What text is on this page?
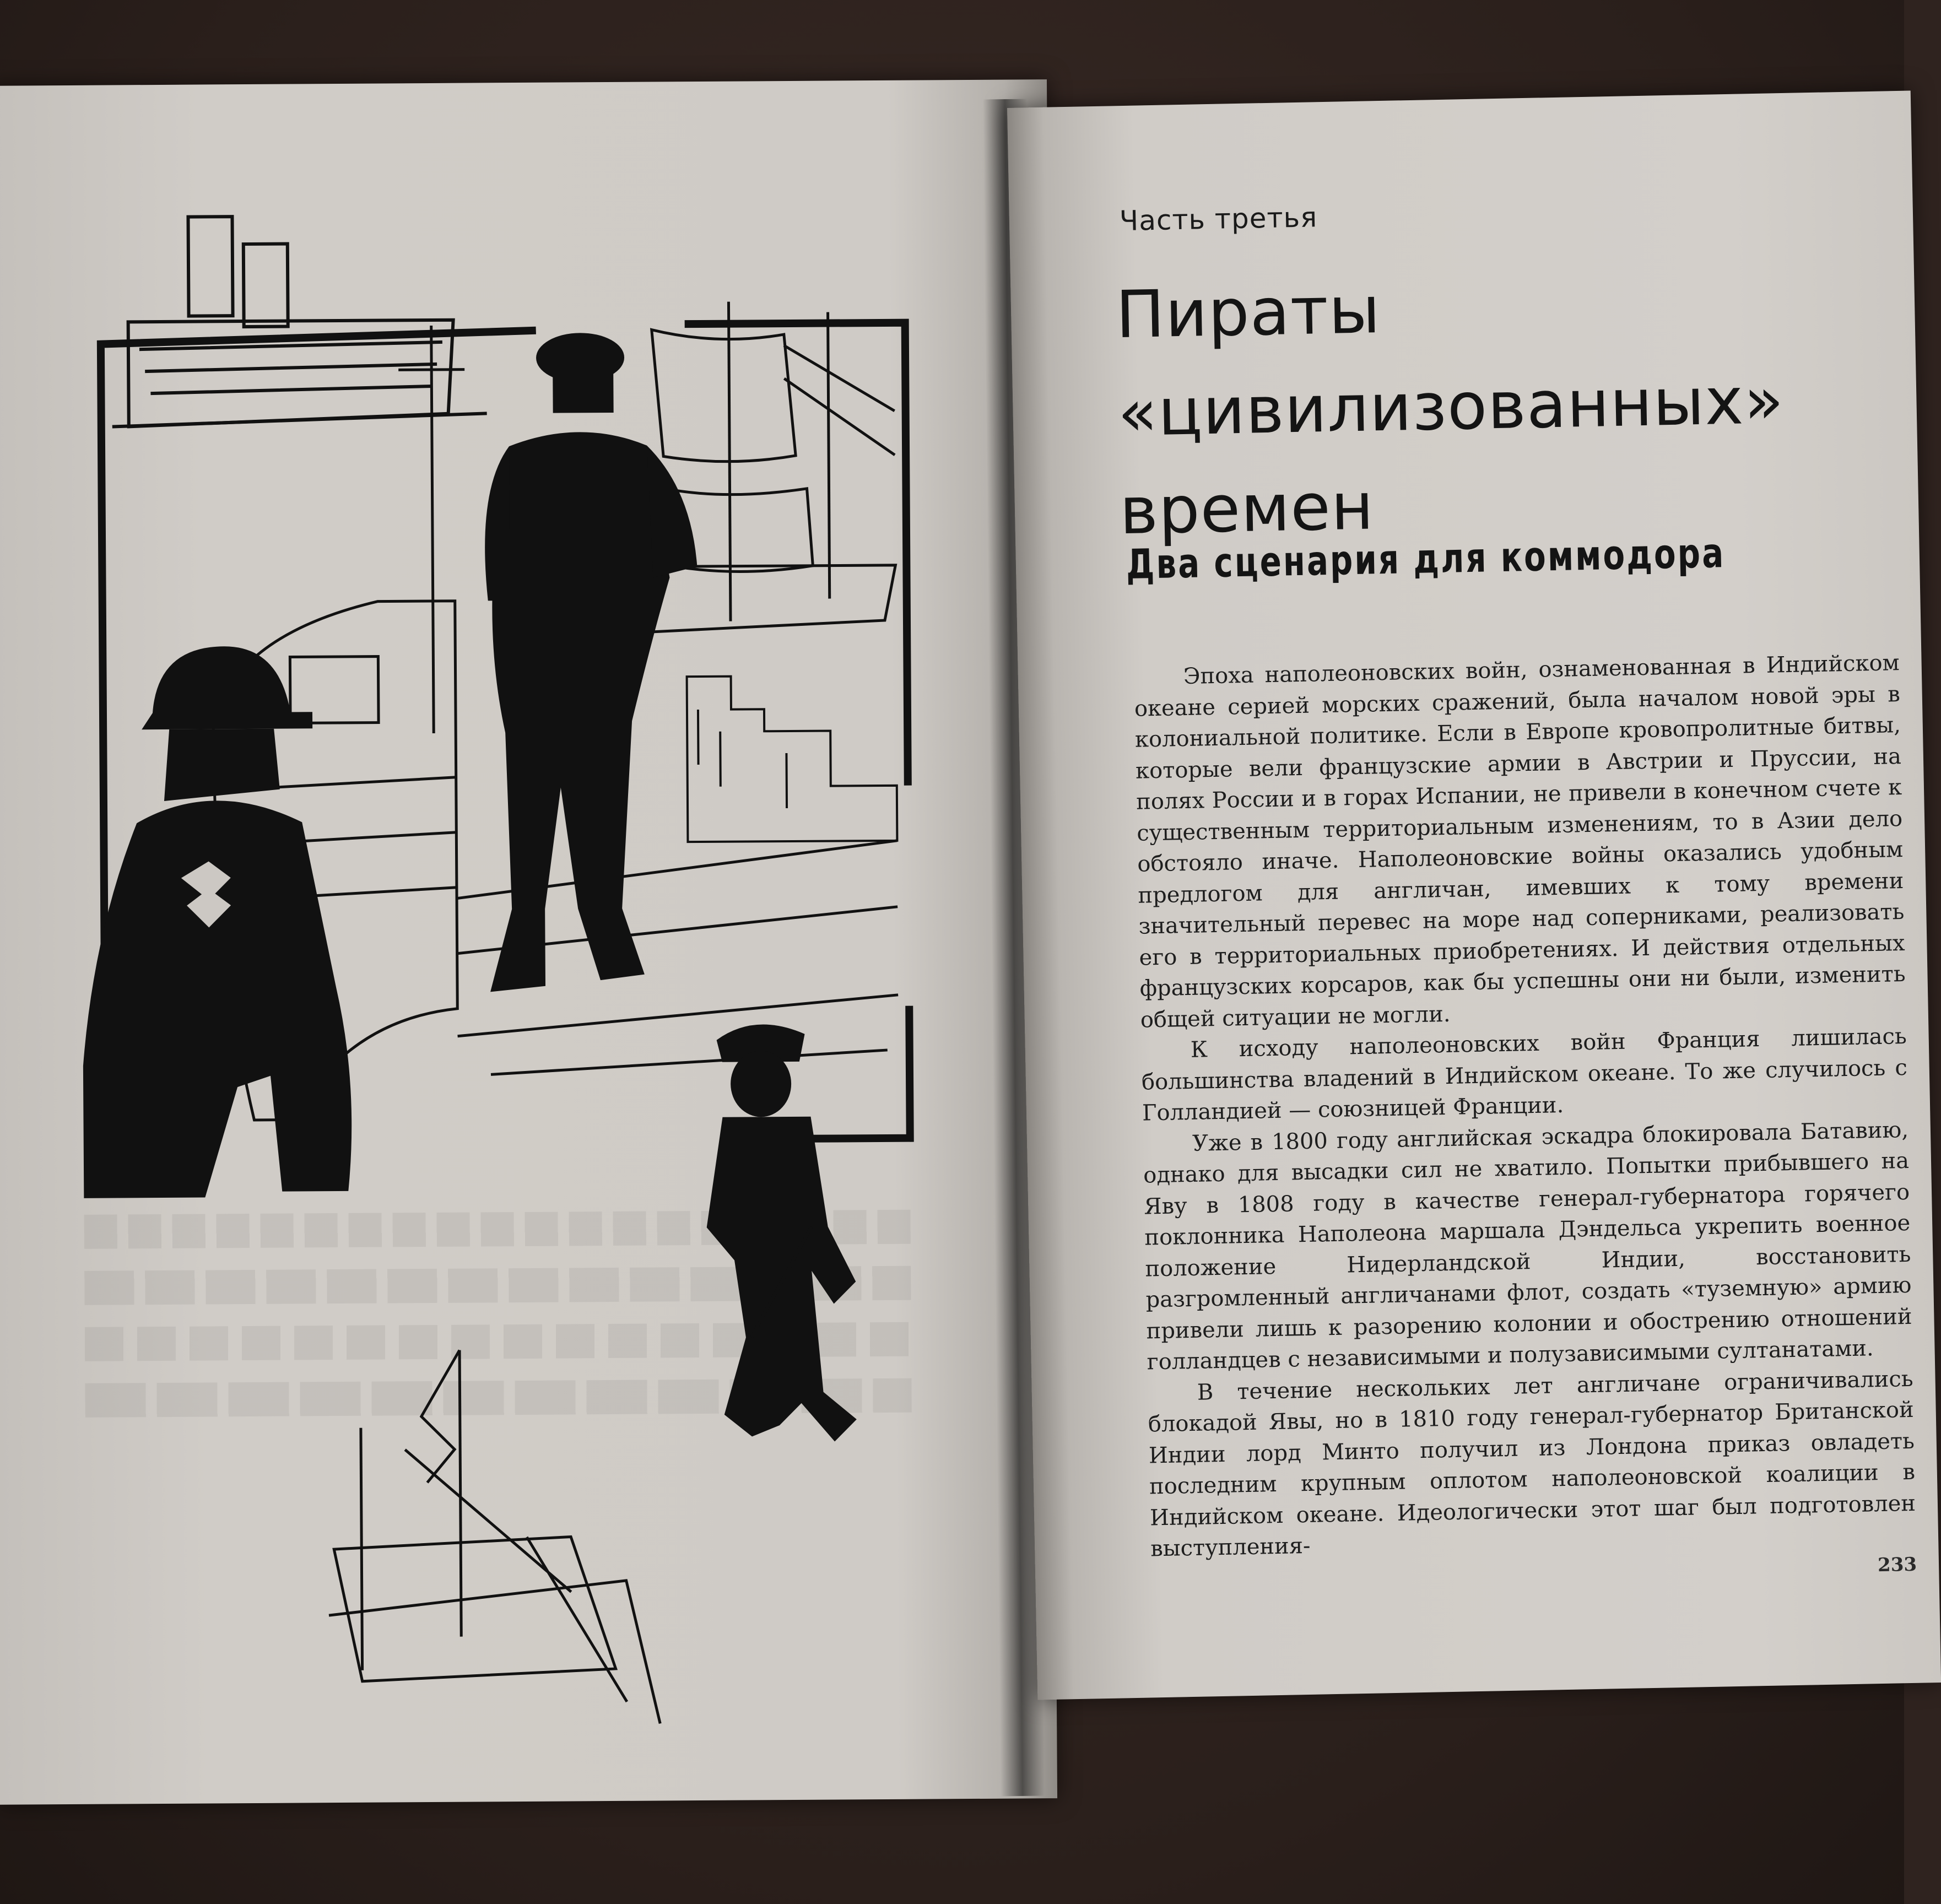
Часть третья
Пираты
«цивилизованных» времен
Два сценария для коммодора

Эпоха наполеоновских войн, ознаменованная в Индийском океане серией морских сражений, была началом новой эры в колониальной политике. Если в Европе кровопролитные битвы, которые вели французские армии в Австрии и Пруссии, на полях России и в горах Испании, не привели в конечном счете к существенным территориальным изменениям, то в Азии дело обстояло иначе. Наполеоновские войны оказались удобным предлогом для англичан, имевших к тому времени значительный перевес на море над соперниками, реализовать его в территориальных приобретениях. И действия отдельных французских корсаров, как бы успешны они ни были, изменить общей ситуации не могли.

К исходу наполеоновских войн Франция лишилась большинства владений в Индийском океане. То же случилось с Голландией — союзницей Франции.

Уже в 1800 году английская эскадра блокировала Батавию, однако для высадки сил не хватило. Попытки прибывшего на Яву в 1808 году в качестве генерал-губернатора горячего поклонника Наполеона маршала Дэндельса укрепить военное положение Нидерландской Индии, восстановить разгромленный англичанами флот, создать «туземную» армию привели лишь к разорению колонии и обострению отношений голландцев с независимыми и полузависимыми султанатами.

В течение нескольких лет англичане ограничивались блокадой Явы, но в 1810 году генерал-губернатор Британской Индии лорд Минто получил из Лондона приказ овладеть последним крупным оплотом наполеоновской коалиции в Индийском океане. Идеологически этот шаг был подготовлен выступления-

233
